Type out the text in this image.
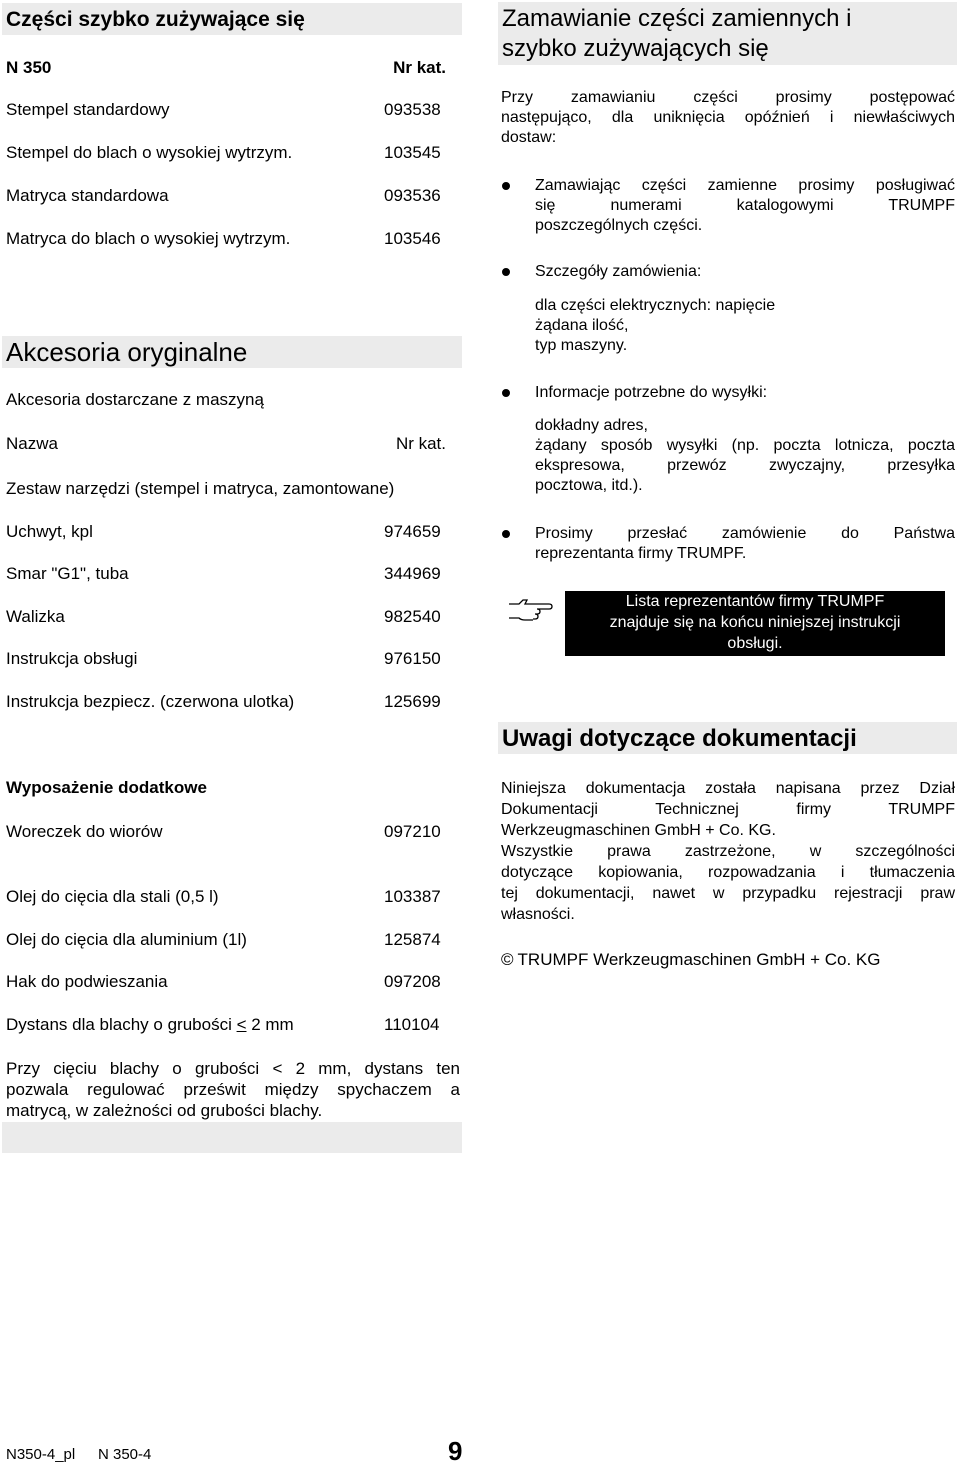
Części szybko zużywające się
N 350	Nr kat.
Stempel standardowy	093538
Stempel do blach o wysokiej wytrzym.	103545
Matryca standardowa	093536
Matryca do blach o wysokiej wytrzym.	103546
Akcesoria oryginalne
Akcesoria dostarczane z maszyną
Nazwa	Nr kat.
Zestaw narzędzi (stempel i matryca, zamontowane)
Uchwyt, kpl	974659
Smar "G1", tuba	344969
Walizka	982540
Instrukcja obsługi	976150
Instrukcja bezpiecz. (czerwona ulotka)	125699
Wyposażenie dodatkowe
Woreczek do wiorów	097210
Olej do cięcia dla stali (0,5 l)	103387
Olej do cięcia dla aluminium (1l)	125874
Hak do podwieszania	097208
Dystans dla blachy o grubości < 2 mm	110104
Przy cięciu blachy o grubości < 2 mm, dystans ten
pozwala regulować prześwit między spychaczem a
matrycą, w zależności od grubości blachy.
Zamawianie części zamiennych i
szybko zużywających się
Przy zamawianiu części prosimy postępować
następująco, dla uniknięcia opóźnień i niewłaściwych
dostaw:
Zamawiając części zamienne prosimy posługiwać
się numerami katalogowymi TRUMPF
poszczególnych części.
Szczegóły zamówienia:
dla części elektrycznych: napięcie
żądana ilość,
typ maszyny.
Informacje potrzebne do wysyłki:
dokładny adres,
żądany sposób wysyłki (np. poczta lotnicza, poczta
ekspresowa, przewóz zwyczajny, przesyłka
pocztowa, itd.).
Prosimy przesłać zamówienie do Państwa
reprezentanta firmy TRUMPF.
Lista reprezentantów firmy TRUMPF
znajduje się na końcu niniejszej instrukcji
obsługi.
Uwagi dotyczące dokumentacji
Niniejsza dokumentacja została napisana przez Dział
Dokumentacji Technicznej firmy TRUMPF
Werkzeugmaschinen GmbH + Co. KG.
Wszystkie prawa zastrzeżone, w szczególności
dotyczące kopiowania, rozpowadzania i tłumaczenia
tej dokumentacji, nawet w przypadku rejestracji praw
własności.
© TRUMPF Werkzeugmaschinen GmbH + Co. KG
N350-4_pl N 350-4	9
